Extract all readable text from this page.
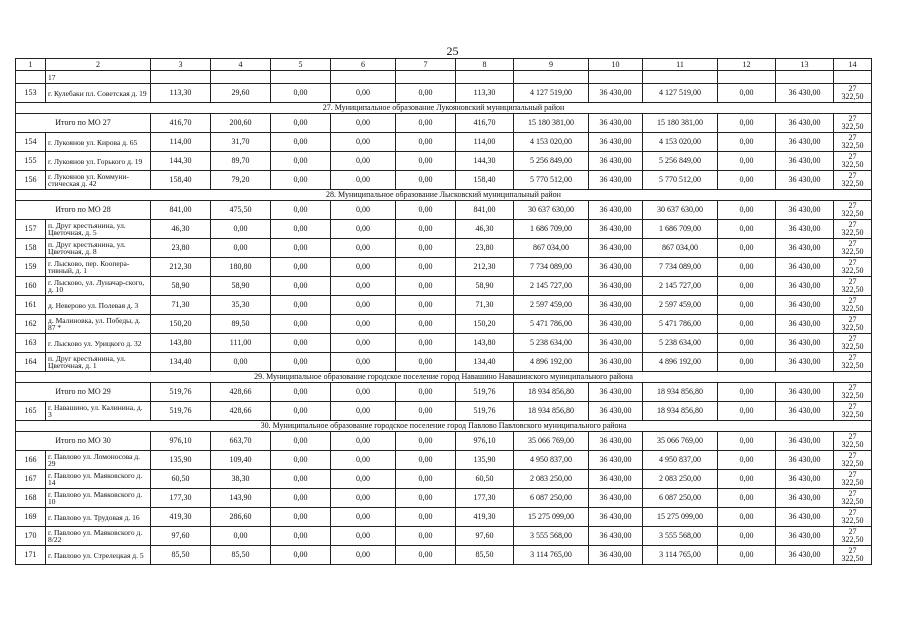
25
1	2	3	4	5	6	7	8	9	10	11	12	13	14
	17												
153	г. Кулебаки пл. Советская д. 19	113,30	29,60	0,00	0,00	0,00	113,30	4 127 519,00	36 430,00	4 127 519,00	0,00	36 430,00	27
322,50

27. Муниципальное образование Лукояновский муниципальный район													
Итого по МО 27		416,70	200,60	0,00	0,00	0,00	416,70	15 180 381,00	36 430,00	15 180 381,00	0,00	36 430,00	27
322,50

154	г. Лукоянов ул. Кирова д. 65	114,00	31,70	0,00	0,00	0,00	114,00	4 153 020,00	36 430,00	4 153 020,00	0,00	36 430,00	27
322,50

155	г. Лукоянов ул. Горького д. 19	144,30	89,70	0,00	0,00	0,00	144,30	5 256 849,00	36 430,00	5 256 849,00	0,00	36 430,00	27
322,50

156	г. Лукоянов ул. Коммуни-стическая д. 42	158,40	79,20	0,00	0,00	0,00	158,40	5 770 512,00	36 430,00	5 770 512,00	0,00	36 430,00	27
322,50

28. Муниципальное образование Лысковский муниципальный район													
Итого по МО 28		841,00	475,50	0,00	0,00	0,00	841,00	30 637 630,00	36 430,00	30 637 630,00	0,00	36 430,00	27
322,50

157	п. Друг крестьянина, ул. Цветочная, д. 5	46,30	0,00	0,00	0,00	0,00	46,30	1 686 709,00	36 430,00	1 686 709,00	0,00	36 430,00	27
322,50

158	п. Друг крестьянина, ул. Цветочная, д. 8	23,80	0,00	0,00	0,00	0,00	23,80	867 034,00	36 430,00	867 034,00	0,00	36 430,00	27
322,50

159	г. Лысково, пер. Коопера-тивный, д. 1	212,30	180,80	0,00	0,00	0,00	212,30	7 734 089,00	36 430,00	7 734 089,00	0,00	36 430,00	27
322,50

160	г. Лысково, ул. Луначар-ского, д. 10	58,90	58,90	0,00	0,00	0,00	58,90	2 145 727,00	36 430,00	2 145 727,00	0,00	36 430,00	27
322,50

161	д. Неверово ул. Полевая д. 3	71,30	35,30	0,00	0,00	0,00	71,30	2 597 459,00	36 430,00	2 597 459,00	0,00	36 430,00	27
322,50

162	д. Малиновка, ул. Победы, д. 87 *	150,20	89,50	0,00	0,00	0,00	150,20	5 471 786,00	36 430,00	5 471 786,00	0,00	36 430,00	27
322,50

163	г. Лысково ул. Урицкого д. 32	143,80	111,00	0,00	0,00	0,00	143,80	5 238 634,00	36 430,00	5 238 634,00	0,00	36 430,00	27
322,50

164	п. Друг крестьянина, ул. Цветочная, д. 1	134,40	0,00	0,00	0,00	0,00	134,40	4 896 192,00	36 430,00	4 896 192,00	0,00	36 430,00	27
322,50

29. Муниципальное образование городское поселение город Навашино Навашинского муниципального района													
Итого по МО 29		519,76	428,66	0,00	0,00	0,00	519,76	18 934 856,80	36 430,00	18 934 856,80	0,00	36 430,00	27
322,50

165	г. Навашино, ул. Калинина, д. 3	519,76	428,66	0,00	0,00	0,00	519,76	18 934 856,80	36 430,00	18 934 856,80	0,00	36 430,00	27
322,50

30. Муниципальное образование городское поселение город Павлово Павловского муниципального района													
Итого по МО 30		976,10	663,70	0,00	0,00	0,00	976,10	35 066 769,00	36 430,00	35 066 769,00	0,00	36 430,00	27
322,50

166	г. Павлово ул. Ломоносова д. 29	135,90	109,40	0,00	0,00	0,00	135,90	4 950 837,00	36 430,00	4 950 837,00	0,00	36 430,00	27
322,50

167	г. Павлово ул. Маяковского д. 14	60,50	38,30	0,00	0,00	0,00	60,50	2 083 250,00	36 430,00	2 083 250,00	0,00	36 430,00	27
322,50

168	г. Павлово ул. Маяковского д. 10	177,30	143,90	0,00	0,00	0,00	177,30	6 087 250,00	36 430,00	6 087 250,00	0,00	36 430,00	27
322,50

169	г. Павлово ул. Трудовая д. 16	419,30	286,60	0,00	0,00	0,00	419,30	15 275 099,00	36 430,00	15 275 099,00	0,00	36 430,00	27
322,50

170	г. Павлово ул. Маяковского д. 8/22	97,60	0,00	0,00	0,00	0,00	97,60	3 555 568,00	36 430,00	3 555 568,00	0,00	36 430,00	27
322,50

171	г. Павлово ул. Стрелецкая д. 5	85,50	85,50	0,00	0,00	0,00	85,50	3 114 765,00	36 430,00	3 114 765,00	0,00	36 430,00	27
322,50
